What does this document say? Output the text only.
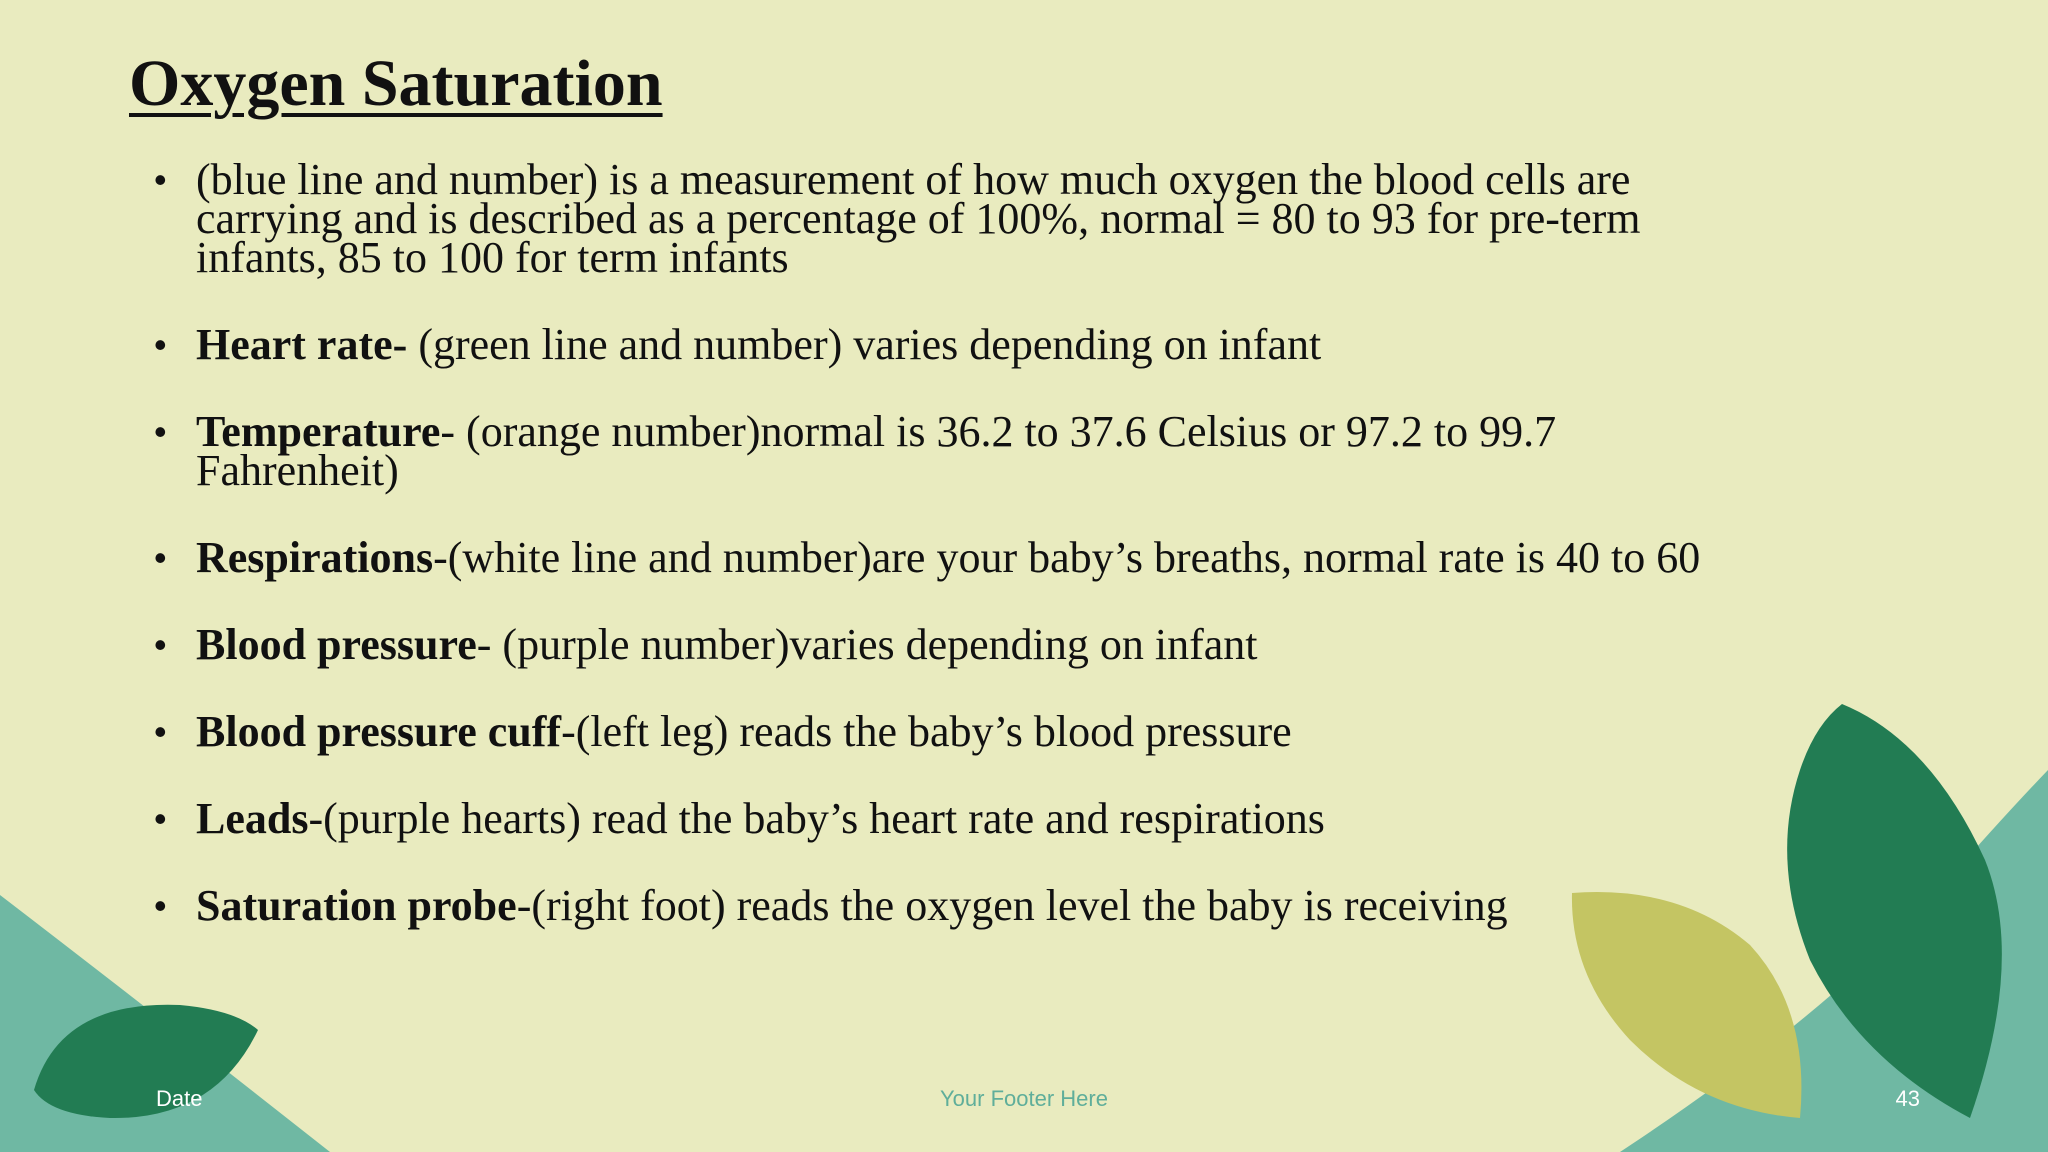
Oxygen Saturation
• (blue line and number) is a measurement of how much oxygen the blood cells are carrying and is described as a percentage of 100%, normal = 80 to 93 for pre-term infants, 85 to 100 for term infants
• Heart rate- (green line and number) varies depending on infant
• Temperature- (orange number)normal is 36.2 to 37.6 Celsius or 97.2 to 99.7 Fahrenheit)
• Respirations-(white line and number)are your baby’s breaths, normal rate is 40 to 60
• Blood pressure- (purple number)varies depending on infant
• Blood pressure cuff-(left leg) reads the baby’s blood pressure
• Leads-(purple hearts) read the baby’s heart rate and respirations
• Saturation probe-(right foot) reads the oxygen level the baby is receiving
Date	Your Footer Here	43
